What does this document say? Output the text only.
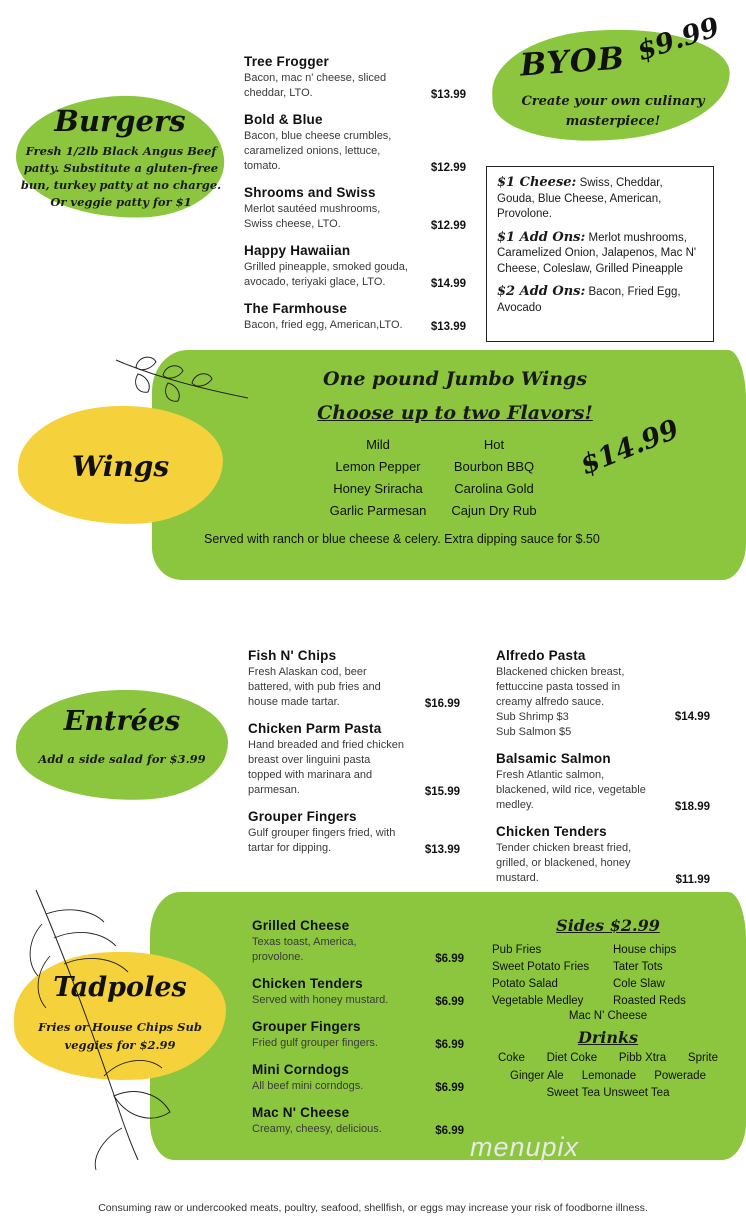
Burgers
Fresh 1/2lb Black Angus Beef patty. Substitute a gluten-free bun, turkey patty at no charge. Or veggie patty for $1
Tree Frogger
Bacon, mac n' cheese, sliced cheddar, LTO.	$13.99
Bold & Blue
Bacon, blue cheese crumbles, caramelized onions, lettuce, tomato.	$12.99
Shrooms and Swiss
Merlot sautéed mushrooms, Swiss cheese, LTO.	$12.99
Happy Hawaiian
Grilled pineapple, smoked gouda, avocado, teriyaki glace, LTO.	$14.99
The Farmhouse
Bacon, fried egg, American,LTO.	$13.99
BYOB $9.99
Create your own culinary masterpiece!
$1 Cheese: Swiss, Cheddar, Gouda, Blue Cheese, American, Provolone.
$1 Add Ons: Merlot mushrooms, Caramelized Onion, Jalapenos, Mac N' Cheese, Coleslaw, Grilled Pineapple
$2 Add Ons: Bacon, Fried Egg, Avocado
Wings
One pound Jumbo Wings
Choose up to two Flavors!
Mild
Lemon Pepper
Honey Sriracha
Garlic Parmesan
Hot
Bourbon BBQ
Carolina Gold
Cajun Dry Rub
$14.99
Served with ranch or blue cheese & celery. Extra dipping sauce for $.50
Entrées
Add a side salad for $3.99
Fish N' Chips
Fresh Alaskan cod, beer battered, with pub fries and house made tartar.	$16.99
Chicken Parm Pasta
Hand breaded and fried chicken breast over linguini pasta topped with marinara and parmesan.	$15.99
Grouper Fingers
Gulf grouper fingers fried, with tartar for dipping.	$13.99
Alfredo Pasta
Blackened chicken breast, fettuccine pasta tossed in creamy alfredo sauce.
Sub Shrimp $3
Sub Salmon $5
$14.99
Balsamic Salmon
Fresh Atlantic salmon, blackened, wild rice, vegetable medley.	$18.99
Chicken Tenders
Tender chicken breast fried, grilled, or blackened, honey mustard.	$11.99
Tadpoles
Fries or House Chips Sub veggies for $2.99
Grilled Cheese
Texas toast, America, provolone.	$6.99
Chicken Tenders
Served with honey mustard.	$6.99
Grouper Fingers
Fried gulf grouper fingers.	$6.99
Mini Corndogs
All beef mini corndogs.	$6.99
Mac N' Cheese
Creamy, cheesy, delicious.	$6.99
Sides $2.99
Pub Fries
Sweet Potato Fries
Potato Salad
Vegetable Medley
House chips
Tater Tots
Cole Slaw
Roasted Reds
Mac N' Cheese
Drinks
Coke Diet Coke Pibb Xtra Sprite
Ginger Ale Lemonade Powerade
Sweet Tea Unsweet Tea
menupix
Consuming raw or undercooked meats, poultry, seafood, shellfish, or eggs may increase your risk of foodborne illness.
